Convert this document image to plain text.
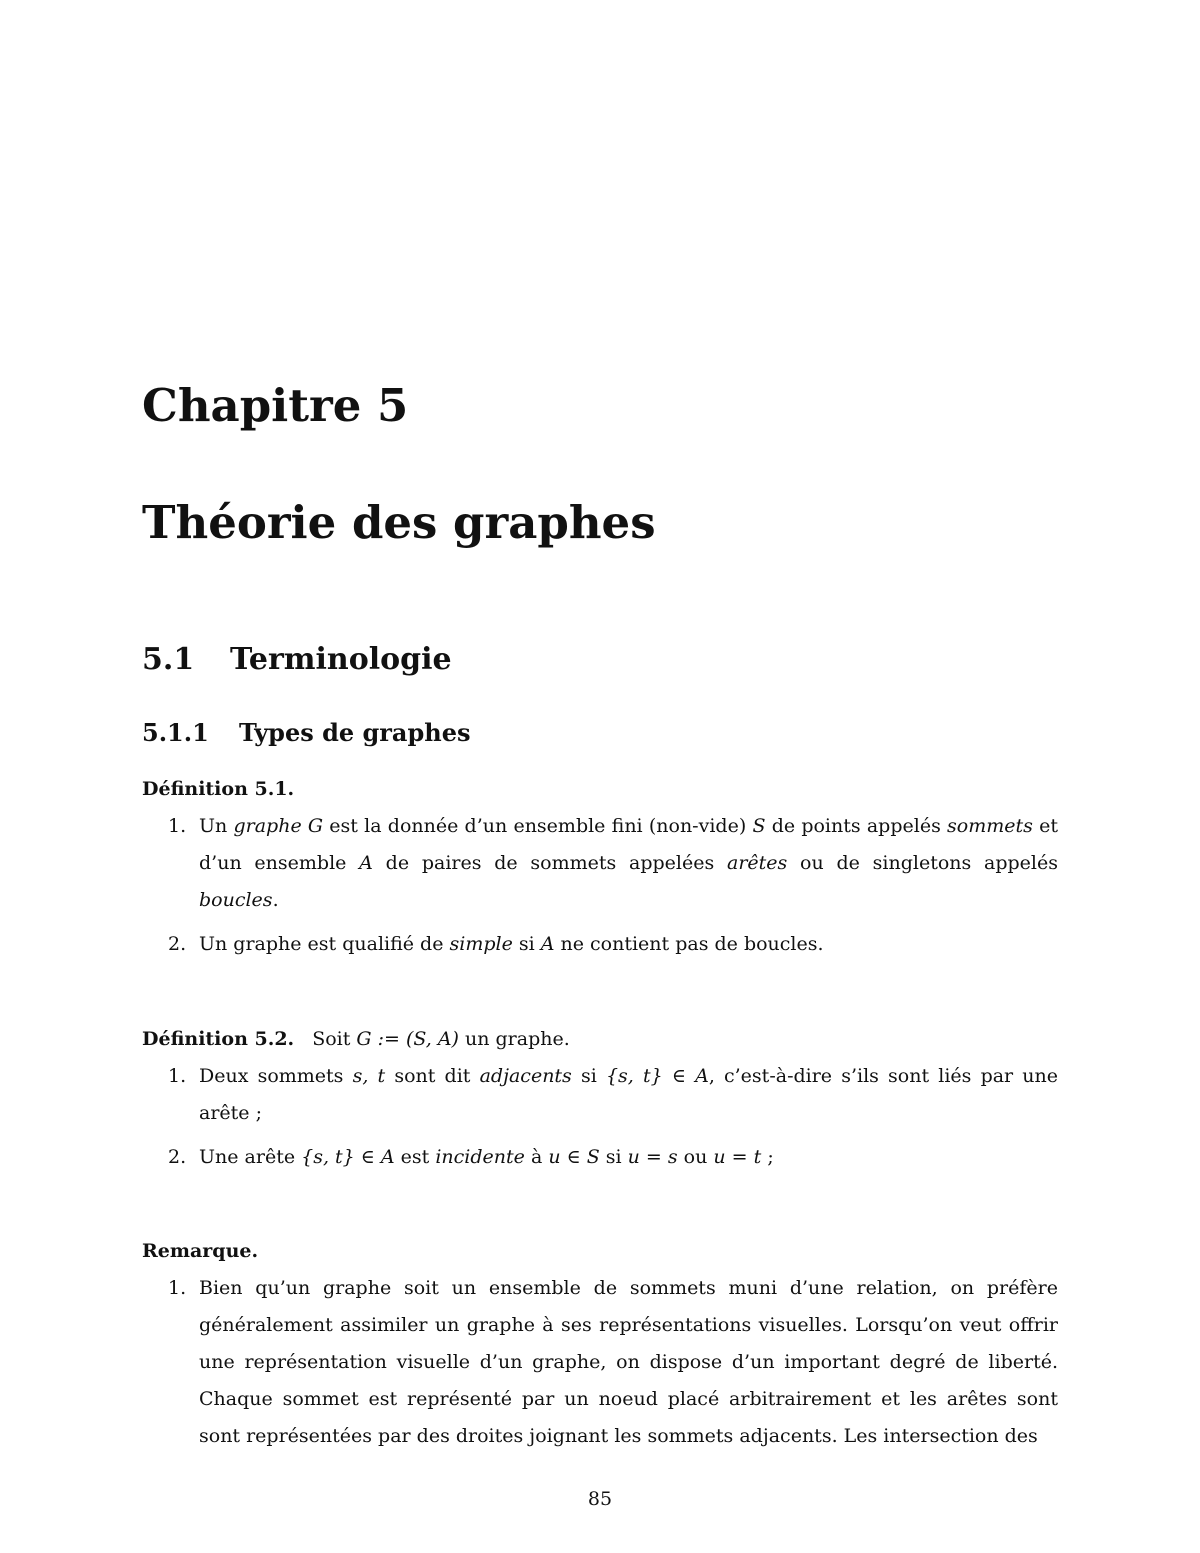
Chapitre 5
Théorie des graphes
5.1 Terminologie
5.1.1 Types de graphes
Définition 5.1.
1. Un graphe G est la donnée d’un ensemble fini (non-vide) S de points appelés sommets et d’un ensemble A de paires de sommets appelées arêtes ou de singletons appelés boucles.
2. Un graphe est qualifié de simple si A ne contient pas de boucles.
Définition 5.2. Soit G := (S, A) un graphe.
1. Deux sommets s, t sont dit adjacents si {s, t} ∈ A, c’est-à-dire s’ils sont liés par une arête ;
2. Une arête {s, t} ∈ A est incidente à u ∈ S si u = s ou u = t ;
Remarque.
1. Bien qu’un graphe soit un ensemble de sommets muni d’une relation, on préfère généralement assimiler un graphe à ses représentations visuelles. Lorsqu’on veut offrir une représentation visuelle d’un graphe, on dispose d’un important degré de liberté. Chaque sommet est représenté par un noeud placé arbitrairement et les arêtes sont sont représentées par des droites joignant les sommets adjacents. Les intersection des
85
